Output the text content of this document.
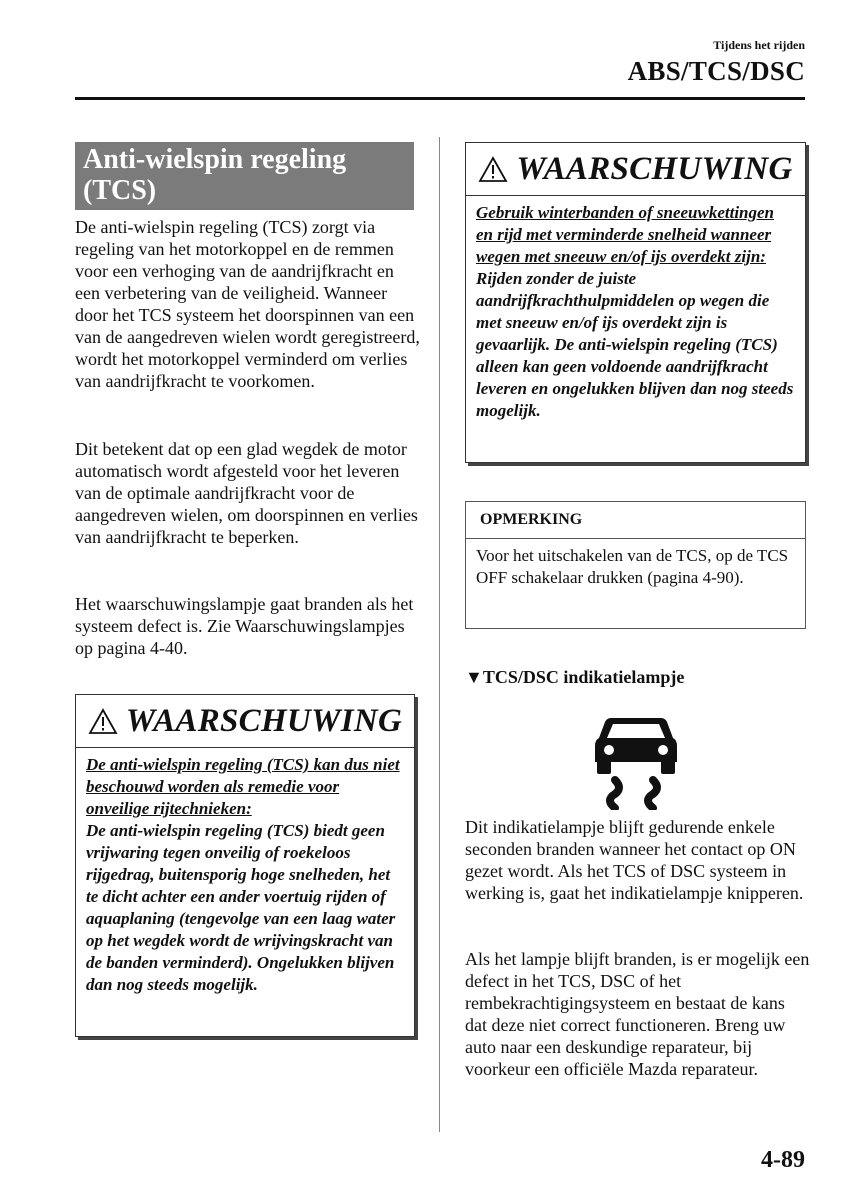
Tijdens het rijden
ABS/TCS/DSC
Anti-wielspin regeling (TCS)
De anti-wielspin regeling (TCS) zorgt via regeling van het motorkoppel en de remmen voor een verhoging van de aandrijfkracht en een verbetering van de veiligheid. Wanneer door het TCS systeem het doorspinnen van een van de aangedreven wielen wordt geregistreerd, wordt het motorkoppel verminderd om verlies van aandrijfkracht te voorkomen.
Dit betekent dat op een glad wegdek de motor automatisch wordt afgesteld voor het leveren van de optimale aandrijfkracht voor de aangedreven wielen, om doorspinnen en verlies van aandrijfkracht te beperken.
Het waarschuwingslampje gaat branden als het systeem defect is. Zie Waarschuwingslampjes op pagina 4-40.
WAARSCHUWING
De anti-wielspin regeling (TCS) kan dus niet beschouwd worden als remedie voor onveilige rijtechnieken:
De anti-wielspin regeling (TCS) biedt geen vrijwaring tegen onveilig of roekeloos rijgedrag, buitensporig hoge snelheden, het te dicht achter een ander voertuig rijden of aquaplaning (tengevolge van een laag water op het wegdek wordt de wrijvingskracht van de banden verminderd). Ongelukken blijven dan nog steeds mogelijk.
WAARSCHUWING
Gebruik winterbanden of sneeuwkettingen en rijd met verminderde snelheid wanneer wegen met sneeuw en/of ijs overdekt zijn:
Rijden zonder de juiste aandrijfkrachthulpmiddelen op wegen die met sneeuw en/of ijs overdekt zijn is gevaarlijk. De anti-wielspin regeling (TCS) alleen kan geen voldoende aandrijfkracht leveren en ongelukken blijven dan nog steeds mogelijk.
OPMERKING
Voor het uitschakelen van de TCS, op de TCS OFF schakelaar drukken (pagina 4-90).
▼TCS/DSC indikatielampje
Dit indikatielampje blijft gedurende enkele seconden branden wanneer het contact op ON gezet wordt. Als het TCS of DSC systeem in werking is, gaat het indikatielampje knipperen.
Als het lampje blijft branden, is er mogelijk een defect in het TCS, DSC of het rembekrachtigingsysteem en bestaat de kans dat deze niet correct functioneren. Breng uw auto naar een deskundige reparateur, bij voorkeur een officiële Mazda reparateur.
4-89
